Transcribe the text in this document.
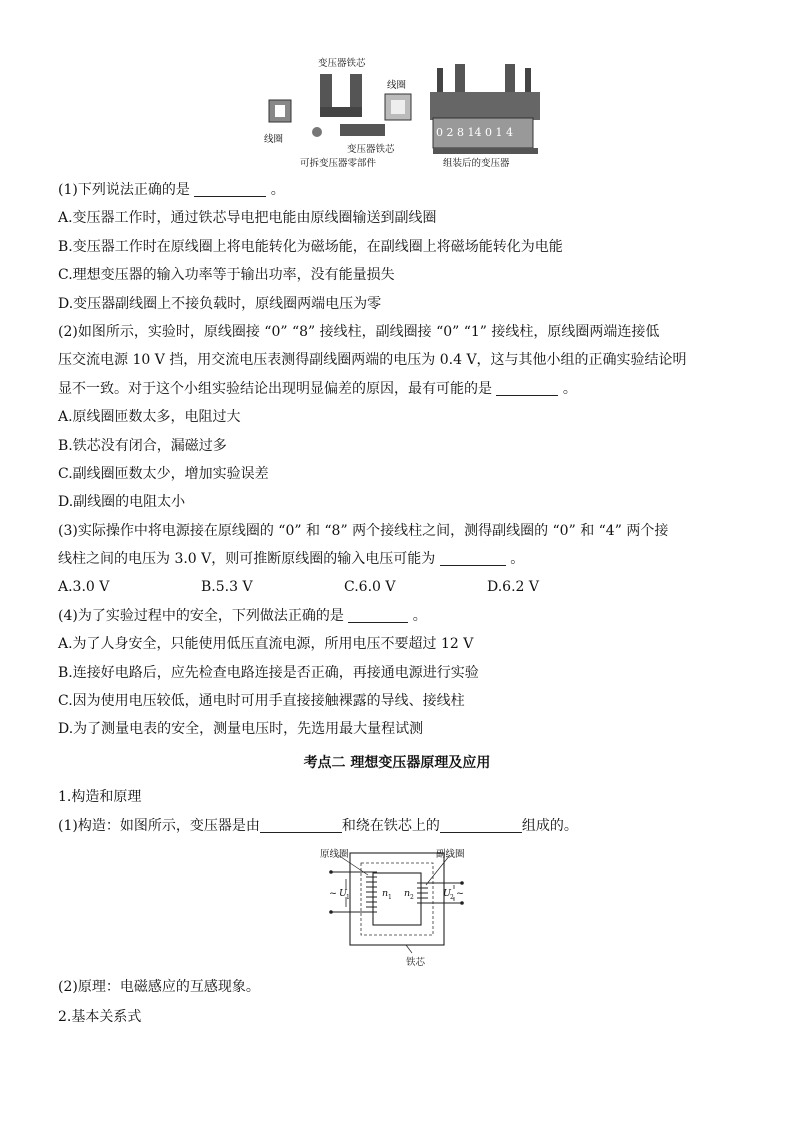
变压器铁芯
线圈
线圈
变压器铁芯
可拆变压器零部件	组装后的变压器
0 2 8 14 0 1 4
(1)下列说法正确的是	。
A.变压器工作时，通过铁芯导电把电能由原线圈输送到副线圈
B.变压器工作时在原线圈上将电能转化为磁场能，在副线圈上将磁场能转化为电能
C.理想变压器的输入功率等于输出功率，没有能量损失
D.变压器副线圈上不接负载时，原线圈两端电压为零
(2)如图所示，实验时，原线圈接 “0” “8” 接线柱，副线圈接 “0” “1” 接线柱，原线圈两端连接低
压交流电源 10 V 挡，用交流电压表测得副线圈两端的电压为 0.4 V，这与其他小组的正确实验结论明
显不一致。对于这个小组实验结论出现明显偏差的原因，最有可能的是	。
A.原线圈匝数太多，电阻过大
B.铁芯没有闭合，漏磁过多
C.副线圈匝数太少，增加实验误差
D.副线圈的电阻太小
(3)实际操作中将电源接在原线圈的 “0” 和 “8” 两个接线柱之间，测得副线圈的 “0” 和 “4” 两个接
线柱之间的电压为 3.0 V，则可推断原线圈的输入电压可能为	。
A.3.0 V	B.5.3 V	C.6.0 V	D.6.2 V
(4)为了实验过程中的安全，下列做法正确的是	。
A.为了人身安全，只能使用低压直流电源，所用电压不要超过 12 V
B.连接好电路后，应先检查电路连接是否正确，再接通电源进行实验
C.因为使用电压较低，通电时可用手直接接触裸露的导线、接线柱
D.为了测量电表的安全，测量电压时，先选用最大量程试测
考点二 理想变压器原理及应用
1.构造和原理
(1)构造：如图所示，变压器是由	和绕在铁芯上的	组成的。
原线圈	副线圈
铁芯
~ U
1	n 1 n 2	U
2 ~
(2)原理：电磁感应的互感现象。
2.基本关系式
